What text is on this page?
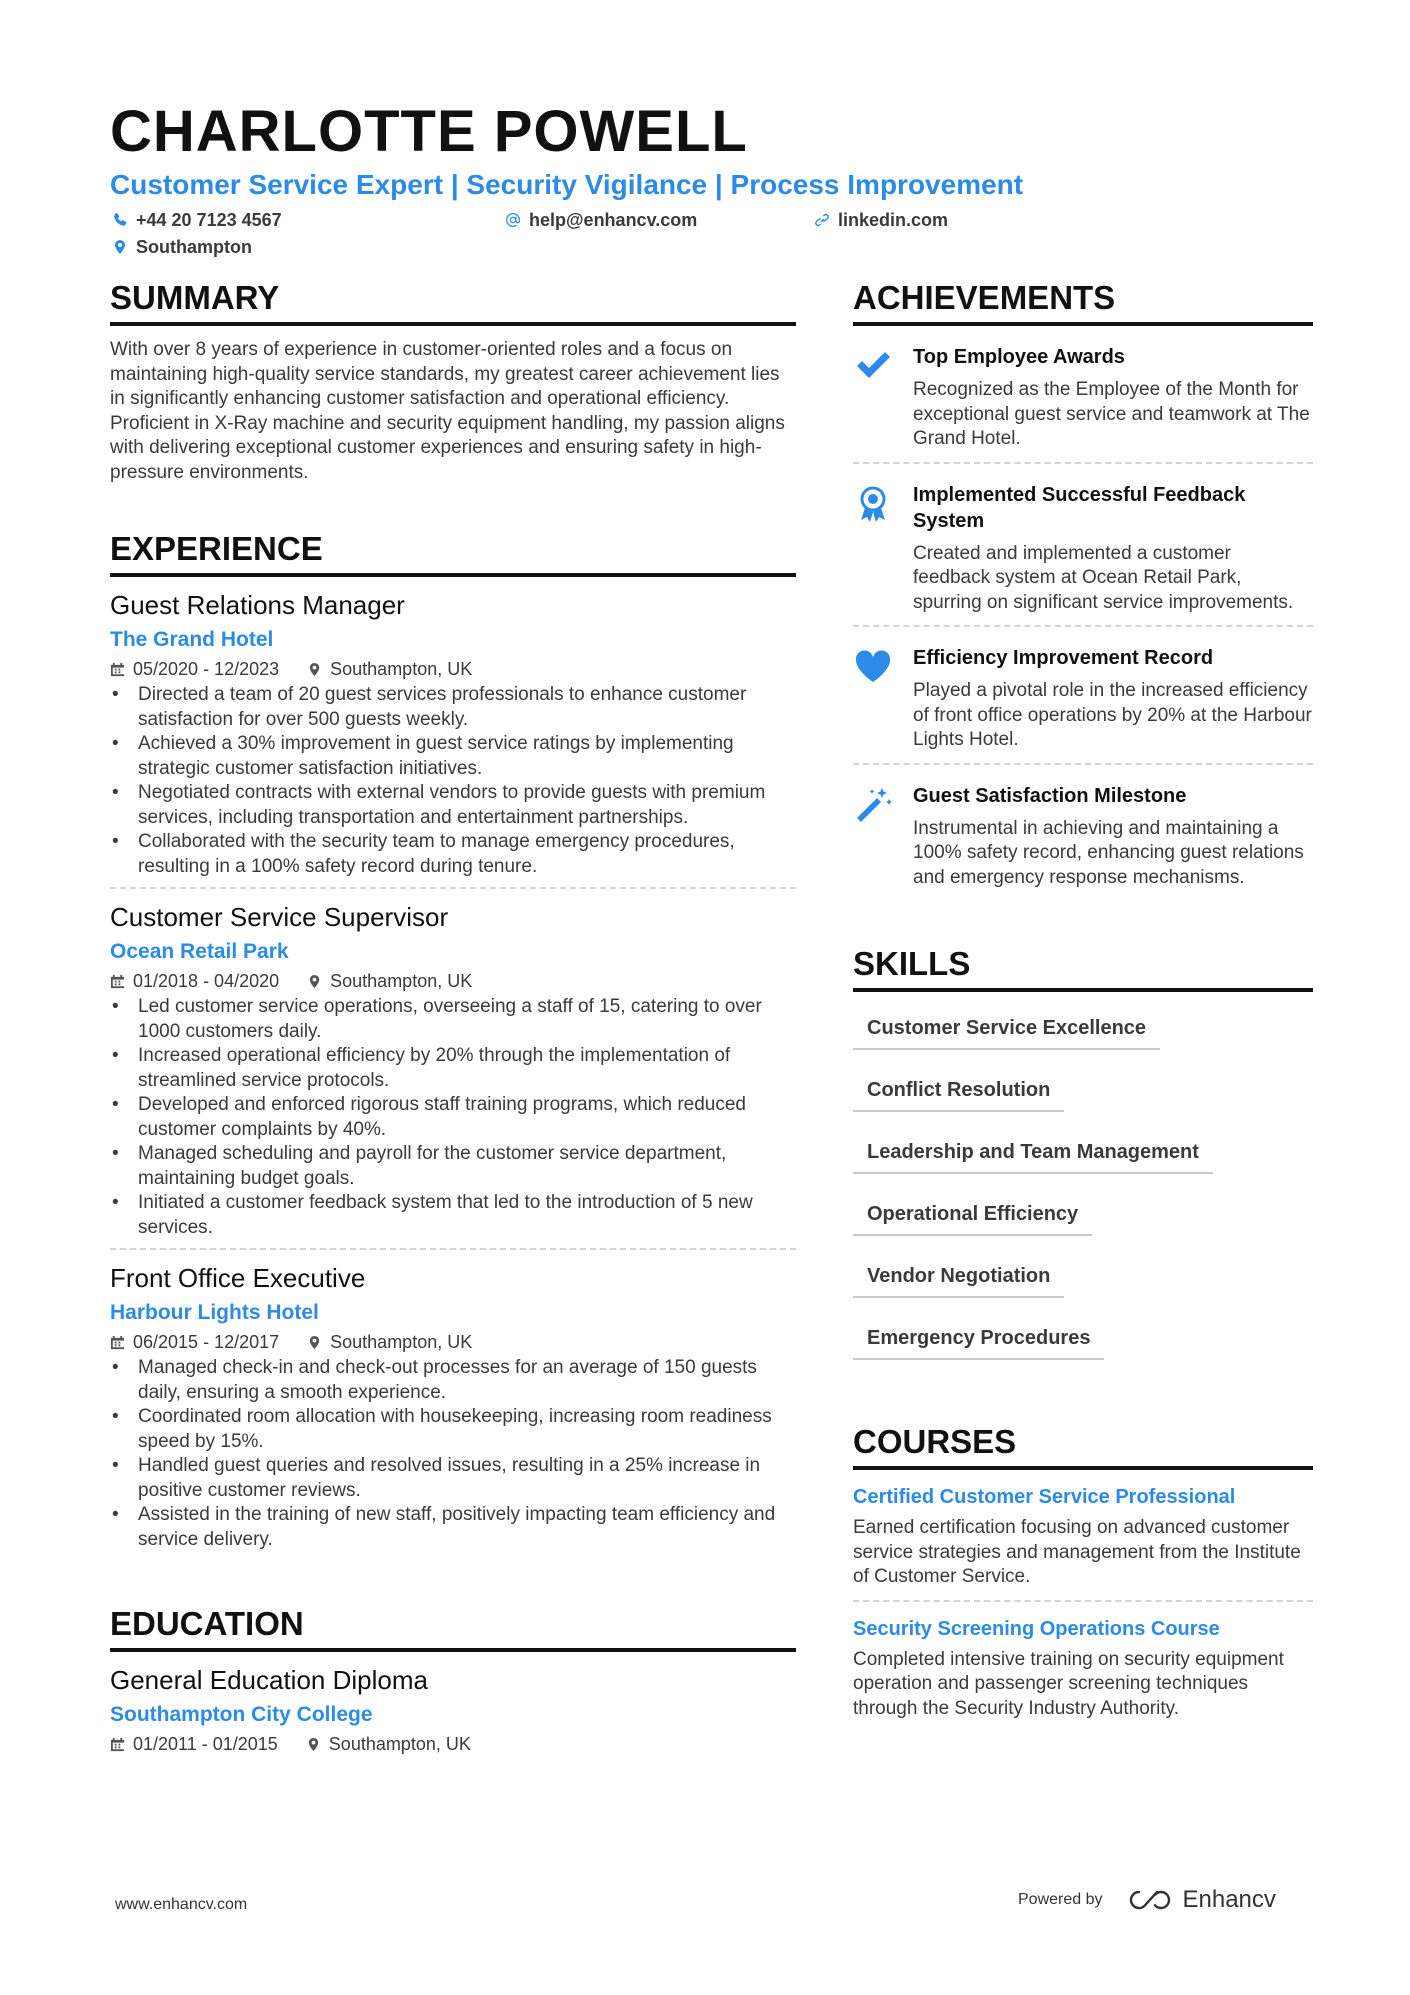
CHARLOTTE POWELL
Customer Service Expert | Security Vigilance | Process Improvement
+44 20 7123 4567	help@enhancv.com	linkedin.com
Southampton
SUMMARY
With over 8 years of experience in customer-oriented roles and a focus on maintaining high-quality service standards, my greatest career achievement lies in significantly enhancing customer satisfaction and operational efficiency. Proficient in X-Ray machine and security equipment handling, my passion aligns with delivering exceptional customer experiences and ensuring safety in high-pressure environments.
EXPERIENCE
Guest Relations Manager
The Grand Hotel
05/2020 - 12/2023	Southampton, UK
• Directed a team of 20 guest services professionals to enhance customer satisfaction for over 500 guests weekly.
• Achieved a 30% improvement in guest service ratings by implementing strategic customer satisfaction initiatives.
• Negotiated contracts with external vendors to provide guests with premium services, including transportation and entertainment partnerships.
• Collaborated with the security team to manage emergency procedures, resulting in a 100% safety record during tenure.
Customer Service Supervisor
Ocean Retail Park
01/2018 - 04/2020	Southampton, UK
• Led customer service operations, overseeing a staff of 15, catering to over 1000 customers daily.
• Increased operational efficiency by 20% through the implementation of streamlined service protocols.
• Developed and enforced rigorous staff training programs, which reduced customer complaints by 40%.
• Managed scheduling and payroll for the customer service department, maintaining budget goals.
• Initiated a customer feedback system that led to the introduction of 5 new services.
Front Office Executive
Harbour Lights Hotel
06/2015 - 12/2017	Southampton, UK
• Managed check-in and check-out processes for an average of 150 guests daily, ensuring a smooth experience.
• Coordinated room allocation with housekeeping, increasing room readiness speed by 15%.
• Handled guest queries and resolved issues, resulting in a 25% increase in positive customer reviews.
• Assisted in the training of new staff, positively impacting team efficiency and service delivery.
EDUCATION
General Education Diploma
Southampton City College
01/2011 - 01/2015	Southampton, UK
ACHIEVEMENTS
Top Employee Awards
Recognized as the Employee of the Month for exceptional guest service and teamwork at The Grand Hotel.
Implemented Successful Feedback System
Created and implemented a customer feedback system at Ocean Retail Park, spurring on significant service improvements.
Efficiency Improvement Record
Played a pivotal role in the increased efficiency of front office operations by 20% at the Harbour Lights Hotel.
Guest Satisfaction Milestone
Instrumental in achieving and maintaining a 100% safety record, enhancing guest relations and emergency response mechanisms.
SKILLS
Customer Service Excellence
Conflict Resolution
Leadership and Team Management
Operational Efficiency
Vendor Negotiation
Emergency Procedures
COURSES
Certified Customer Service Professional
Earned certification focusing on advanced customer service strategies and management from the Institute of Customer Service.
Security Screening Operations Course
Completed intensive training on security equipment operation and passenger screening techniques through the Security Industry Authority.
www.enhancv.com	Powered by	Enhancv
